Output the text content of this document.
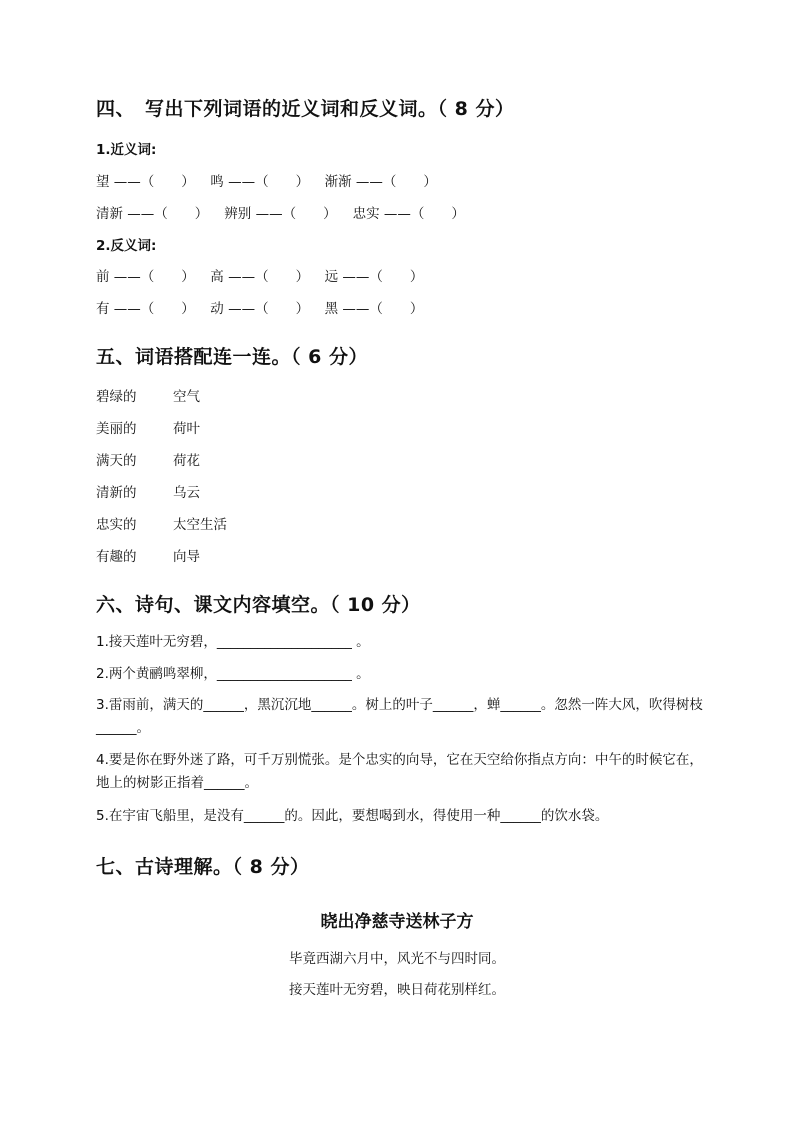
四、　写出下列词语的近义词和反义词。（ 8 分）
1.近义词:
望 ——（　　） 鸣 ——（　　） 渐渐 ——（　　）
清新 ——（　　） 辨别 ——（　　） 忠实 ——（　　）
2.反义词:
前 ——（　　） 高 ——（　　） 远 ——（　　）
有 ——（　　） 动 ——（　　） 黑 ——（　　）
五、词语搭配连一连。（ 6 分）
碧绿的	空气
美丽的	荷叶
满天的	荷花
清新的	乌云
忠实的	太空生活
有趣的	向导
六、诗句、课文内容填空。（ 10 分）
1.接天莲叶无穷碧，____________________ 。
2.两个黄鹂鸣翠柳，____________________ 。
3.雷雨前，满天的______，黑沉沉地______。树上的叶子______，蝉______。忽然一阵大风，吹得树枝______。
4.要是你在野外迷了路，可千万别慌张。是个忠实的向导，它在天空给你指点方向：中午的时候它在，地上的树影正指着______。
5.在宇宙飞船里，是没有______的。因此，要想喝到水，得使用一种______的饮水袋。
七、古诗理解。（ 8 分）
晓出净慈寺送林子方
毕竟西湖六月中，风光不与四时同。
接天莲叶无穷碧，映日荷花别样红。
